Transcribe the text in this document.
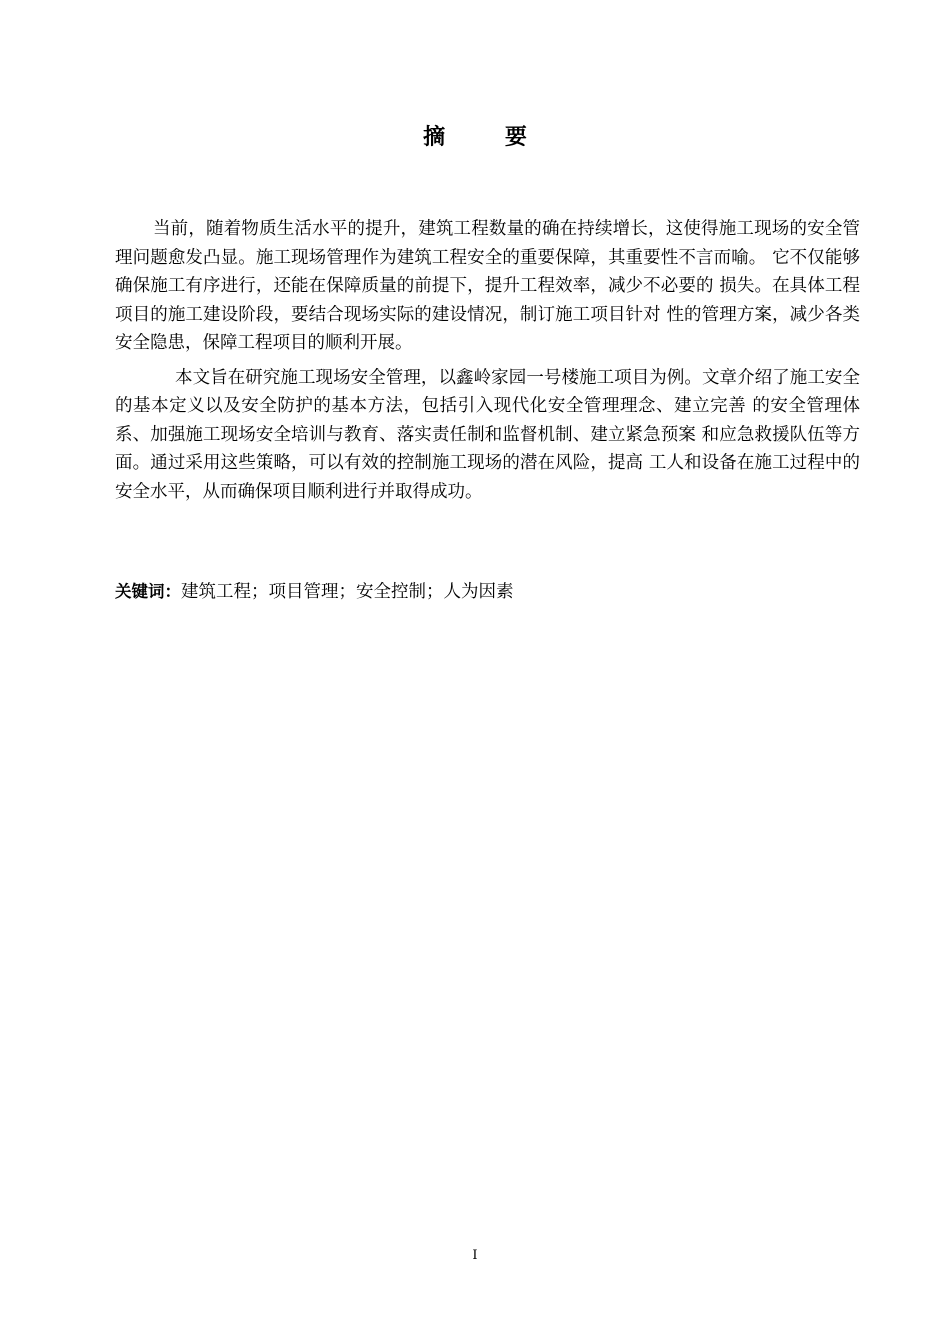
摘 要

当前，随着物质生活水平的提升，建筑工程数量的确在持续增长，这使得施工现场的安全管理问题愈发凸显。施工现场管理作为建筑工程安全的重要保障，其重要性不言而喻。 它不仅能够确保施工有序进行，还能在保障质量的前提下，提升工程效率，减少不必要的 损失。在具体工程项目的施工建设阶段，要结合现场实际的建设情况，制订施工项目针对 性的管理方案，减少各类安全隐患，保障工程项目的顺利开展。

本文旨在研究施工现场安全管理，以鑫岭家园一号楼施工项目为例。文章介绍了施工安全的基本定义以及安全防护的基本方法，包括引入现代化安全管理理念、建立完善 的安全管理体系、加强施工现场安全培训与教育、落实责任制和监督机制、建立紧急预案 和应急救援队伍等方面。通过采用这些策略，可以有效的控制施工现场的潜在风险，提高 工人和设备在施工过程中的安全水平，从而确保项目顺利进行并取得成功。

关键词：建筑工程；项目管理；安全控制；人为因素
I
